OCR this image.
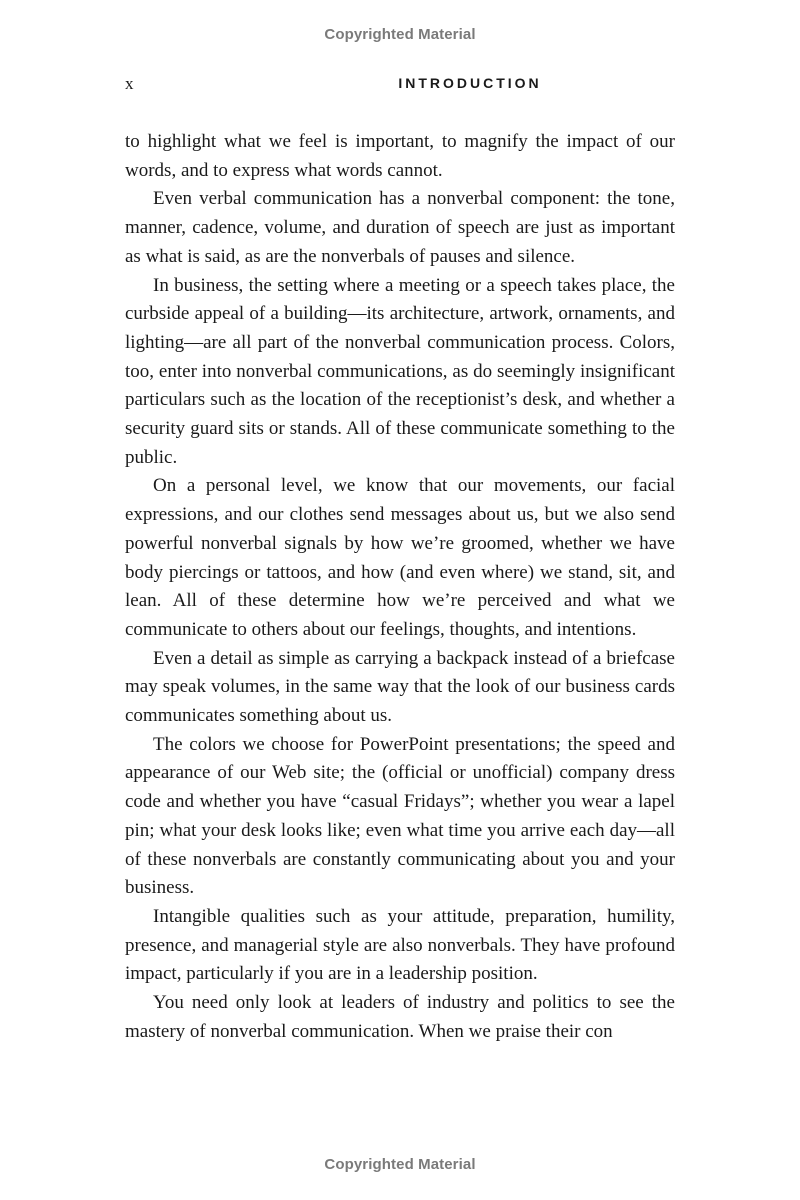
Copyrighted Material
x	INTRODUCTION

to highlight what we feel is important, to magnify the impact of our words, and to express what words cannot.

Even verbal communication has a nonverbal component: the tone, manner, cadence, volume, and duration of speech are just as important as what is said, as are the nonverbals of pauses and silence.

In business, the setting where a meeting or a speech takes place, the curbside appeal of a building—its architecture, artwork, ornaments, and lighting—are all part of the nonverbal communication process. Colors, too, enter into nonverbal communications, as do seemingly insignificant particulars such as the location of the receptionist’s desk, and whether a security guard sits or stands. All of these communicate something to the public.

On a personal level, we know that our movements, our facial expressions, and our clothes send messages about us, but we also send powerful nonverbal signals by how we’re groomed, whether we have body piercings or tattoos, and how (and even where) we stand, sit, and lean. All of these determine how we’re perceived and what we communicate to others about our feelings, thoughts, and intentions.

Even a detail as simple as carrying a backpack instead of a briefcase may speak volumes, in the same way that the look of our business cards communicates something about us.

The colors we choose for PowerPoint presentations; the speed and appearance of our Web site; the (official or unofficial) company dress code and whether you have “casual Fridays”; whether you wear a lapel pin; what your desk looks like; even what time you arrive each day—all of these nonverbals are constantly communicating about you and your business.

Intangible qualities such as your attitude, preparation, humility, presence, and managerial style are also nonverbals. They have profound impact, particularly if you are in a leadership position.

You need only look at leaders of industry and politics to see the mastery of nonverbal communication. When we praise their con

Copyrighted Material
